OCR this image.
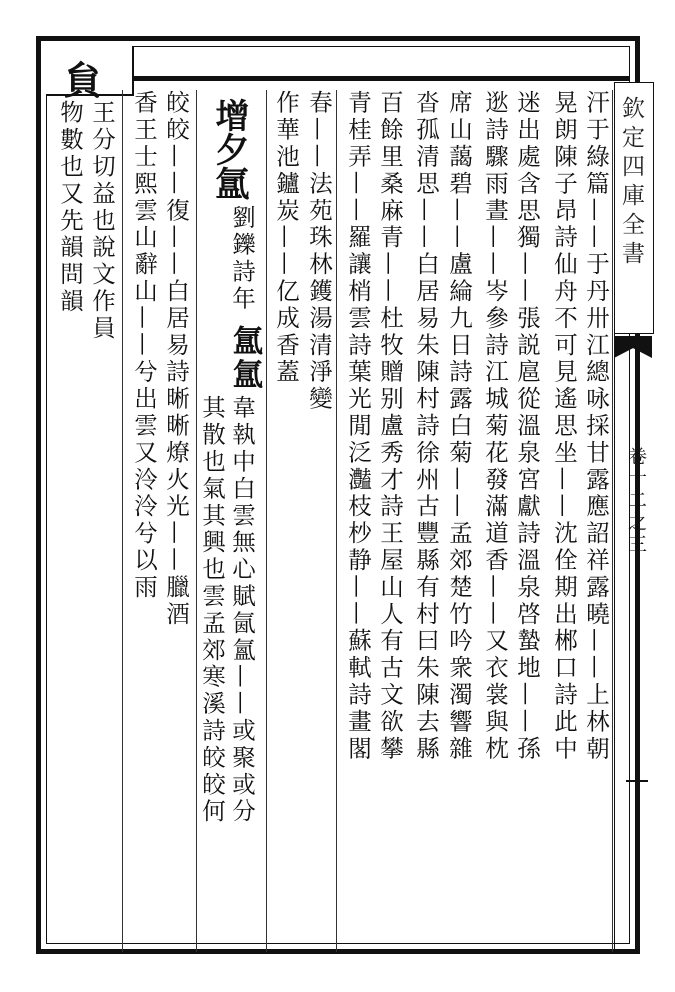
貟
欽定四庫全書
卷十二之三
汗于綠篇——于丹卅江總咏採甘露應詔祥露曉——上林朝
晃朗陳子昂詩仙舟不可見遙思坐——沈佺期出郴口詩此中
迷出處含思獨——張説扈從溫泉宮獻詩溫泉啓蟄地——孫
逖詩驟雨晝——岑參詩江城菊花發滿道香——又衣裳與枕
席山藹碧——盧綸九日詩露白菊——孟郊楚竹吟衆濁響雜
沓孤清思——白居易朱陳村詩徐州古豐縣有村曰朱陳去縣
百餘里桑麻青——杜牧贈别盧秀才詩王屋山人有古文欲攀
青桂弄——羅讓梢雲詩葉光閒泛灎枝杪静——蘇軾詩畫閣
春——法苑珠林鑊湯清淨變
作華池鑪炭——亿成香蓋
增夕氲
劉鑠詩年
氲氲
韋執中白雲無心賦氤氳——或聚或分
其散也氣其興也雲孟郊寒溪詩皎皎何
皎皎——復——白居易詩晰晰燎火光——臘酒
香王士熙雲山辭山——兮出雲又泠泠兮以雨
王分切益也說文作員
物數也又先韻問韻
